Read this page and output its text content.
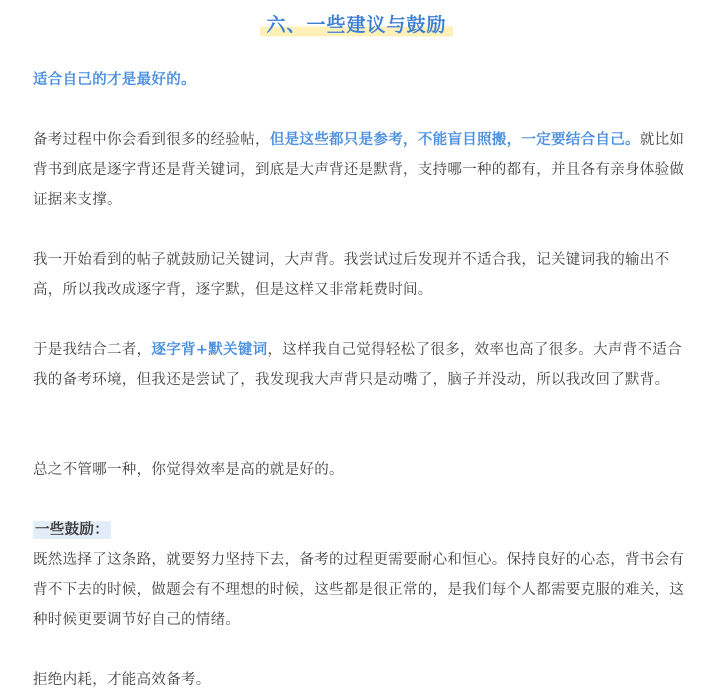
六、一些建议与鼓励

适合自己的才是最好的。

备考过程中你会看到很多的经验帖，但是这些都只是参考，不能盲目照搬，一定要结合自己。就比如背书到底是逐字背还是背关键词，到底是大声背还是默背，支持哪一种的都有，并且各有亲身体验做证据来支撑。

我一开始看到的帖子就鼓励记关键词，大声背。我尝试过后发现并不适合我，记关键词我的输出不高，所以我改成逐字背，逐字默，但是这样又非常耗费时间。

于是我结合二者，逐字背+默关键词，这样我自己觉得轻松了很多，效率也高了很多。大声背不适合我的备考环境，但我还是尝试了，我发现我大声背只是动嘴了，脑子并没动，所以我改回了默背。

总之不管哪一种，你觉得效率是高的就是好的。

一些鼓励：

既然选择了这条路，就要努力坚持下去，备考的过程更需要耐心和恒心。保持良好的心态，背书会有背不下去的时候，做题会有不理想的时候，这些都是很正常的，是我们每个人都需要克服的难关，这种时候更要调节好自己的情绪。

拒绝内耗，才能高效备考。
